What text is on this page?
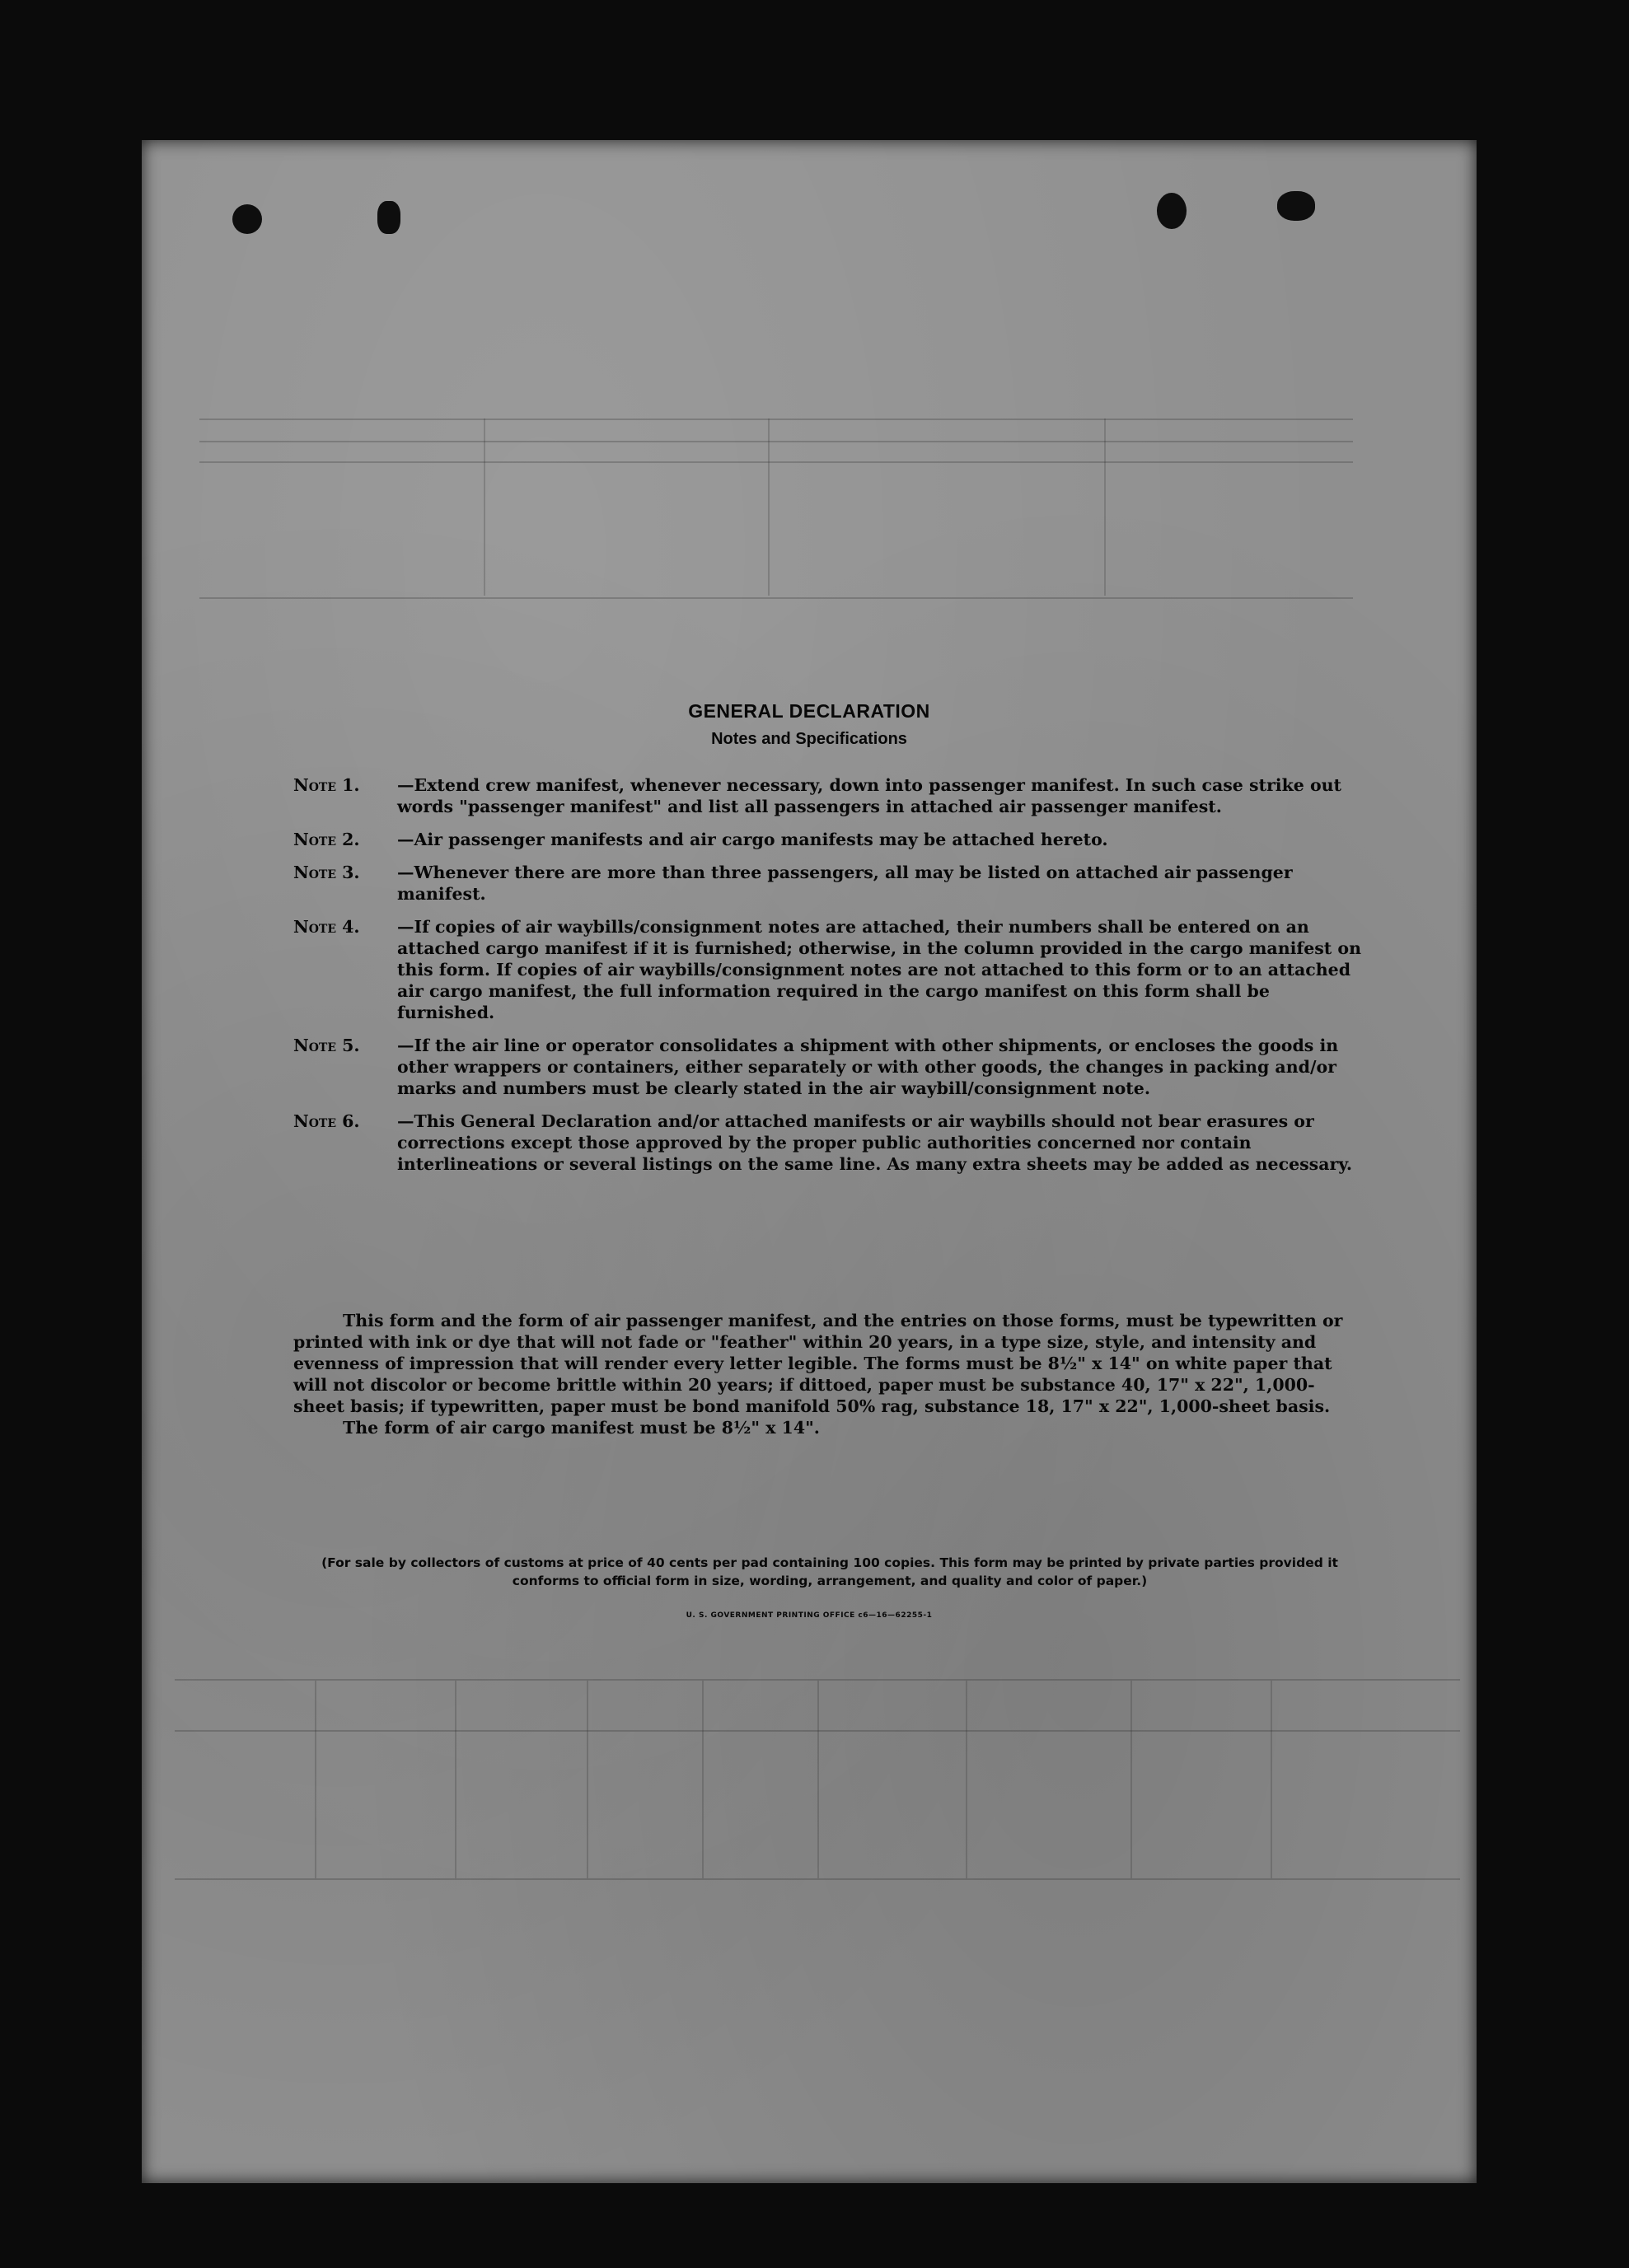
GENERAL DECLARATION
Notes and Specifications
Note 1. —Extend crew manifest, whenever necessary, down into passenger manifest. In such case strike out words "passenger manifest" and list all passengers in attached air passenger manifest.
Note 2. —Air passenger manifests and air cargo manifests may be attached hereto.
Note 3. —Whenever there are more than three passengers, all may be listed on attached air passenger manifest.
Note 4. —If copies of air waybills/consignment notes are attached, their numbers shall be entered on an attached cargo manifest if it is furnished; otherwise, in the column provided in the cargo manifest on this form. If copies of air waybills/consignment notes are not attached to this form or to an attached air cargo manifest, the full information required in the cargo manifest on this form shall be furnished.
Note 5. —If the air line or operator consolidates a shipment with other shipments, or encloses the goods in other wrappers or containers, either separately or with other goods, the changes in packing and/or marks and numbers must be clearly stated in the air waybill/consignment note.
Note 6. —This General Declaration and/or attached manifests or air waybills should not bear erasures or corrections except those approved by the proper public authorities concerned nor contain interlineations or several listings on the same line. As many extra sheets may be added as necessary.
This form and the form of air passenger manifest, and the entries on those forms, must be typewritten or printed with ink or dye that will not fade or "feather" within 20 years, in a type size, style, and intensity and evenness of impression that will render every letter legible. The forms must be 8½" x 14" on white paper that will not discolor or become brittle within 20 years; if dittoed, paper must be substance 40, 17" x 22", 1,000-sheet basis; if typewritten, paper must be bond manifold 50% rag, substance 18, 17" x 22", 1,000-sheet basis.
The form of air cargo manifest must be 8½" x 14".
(For sale by collectors of customs at price of 40 cents per pad containing 100 copies. This form may be printed by private parties provided it conforms to official form in size, wording, arrangement, and quality and color of paper.)
U. S. GOVERNMENT PRINTING OFFICE c6—16—62255-1
